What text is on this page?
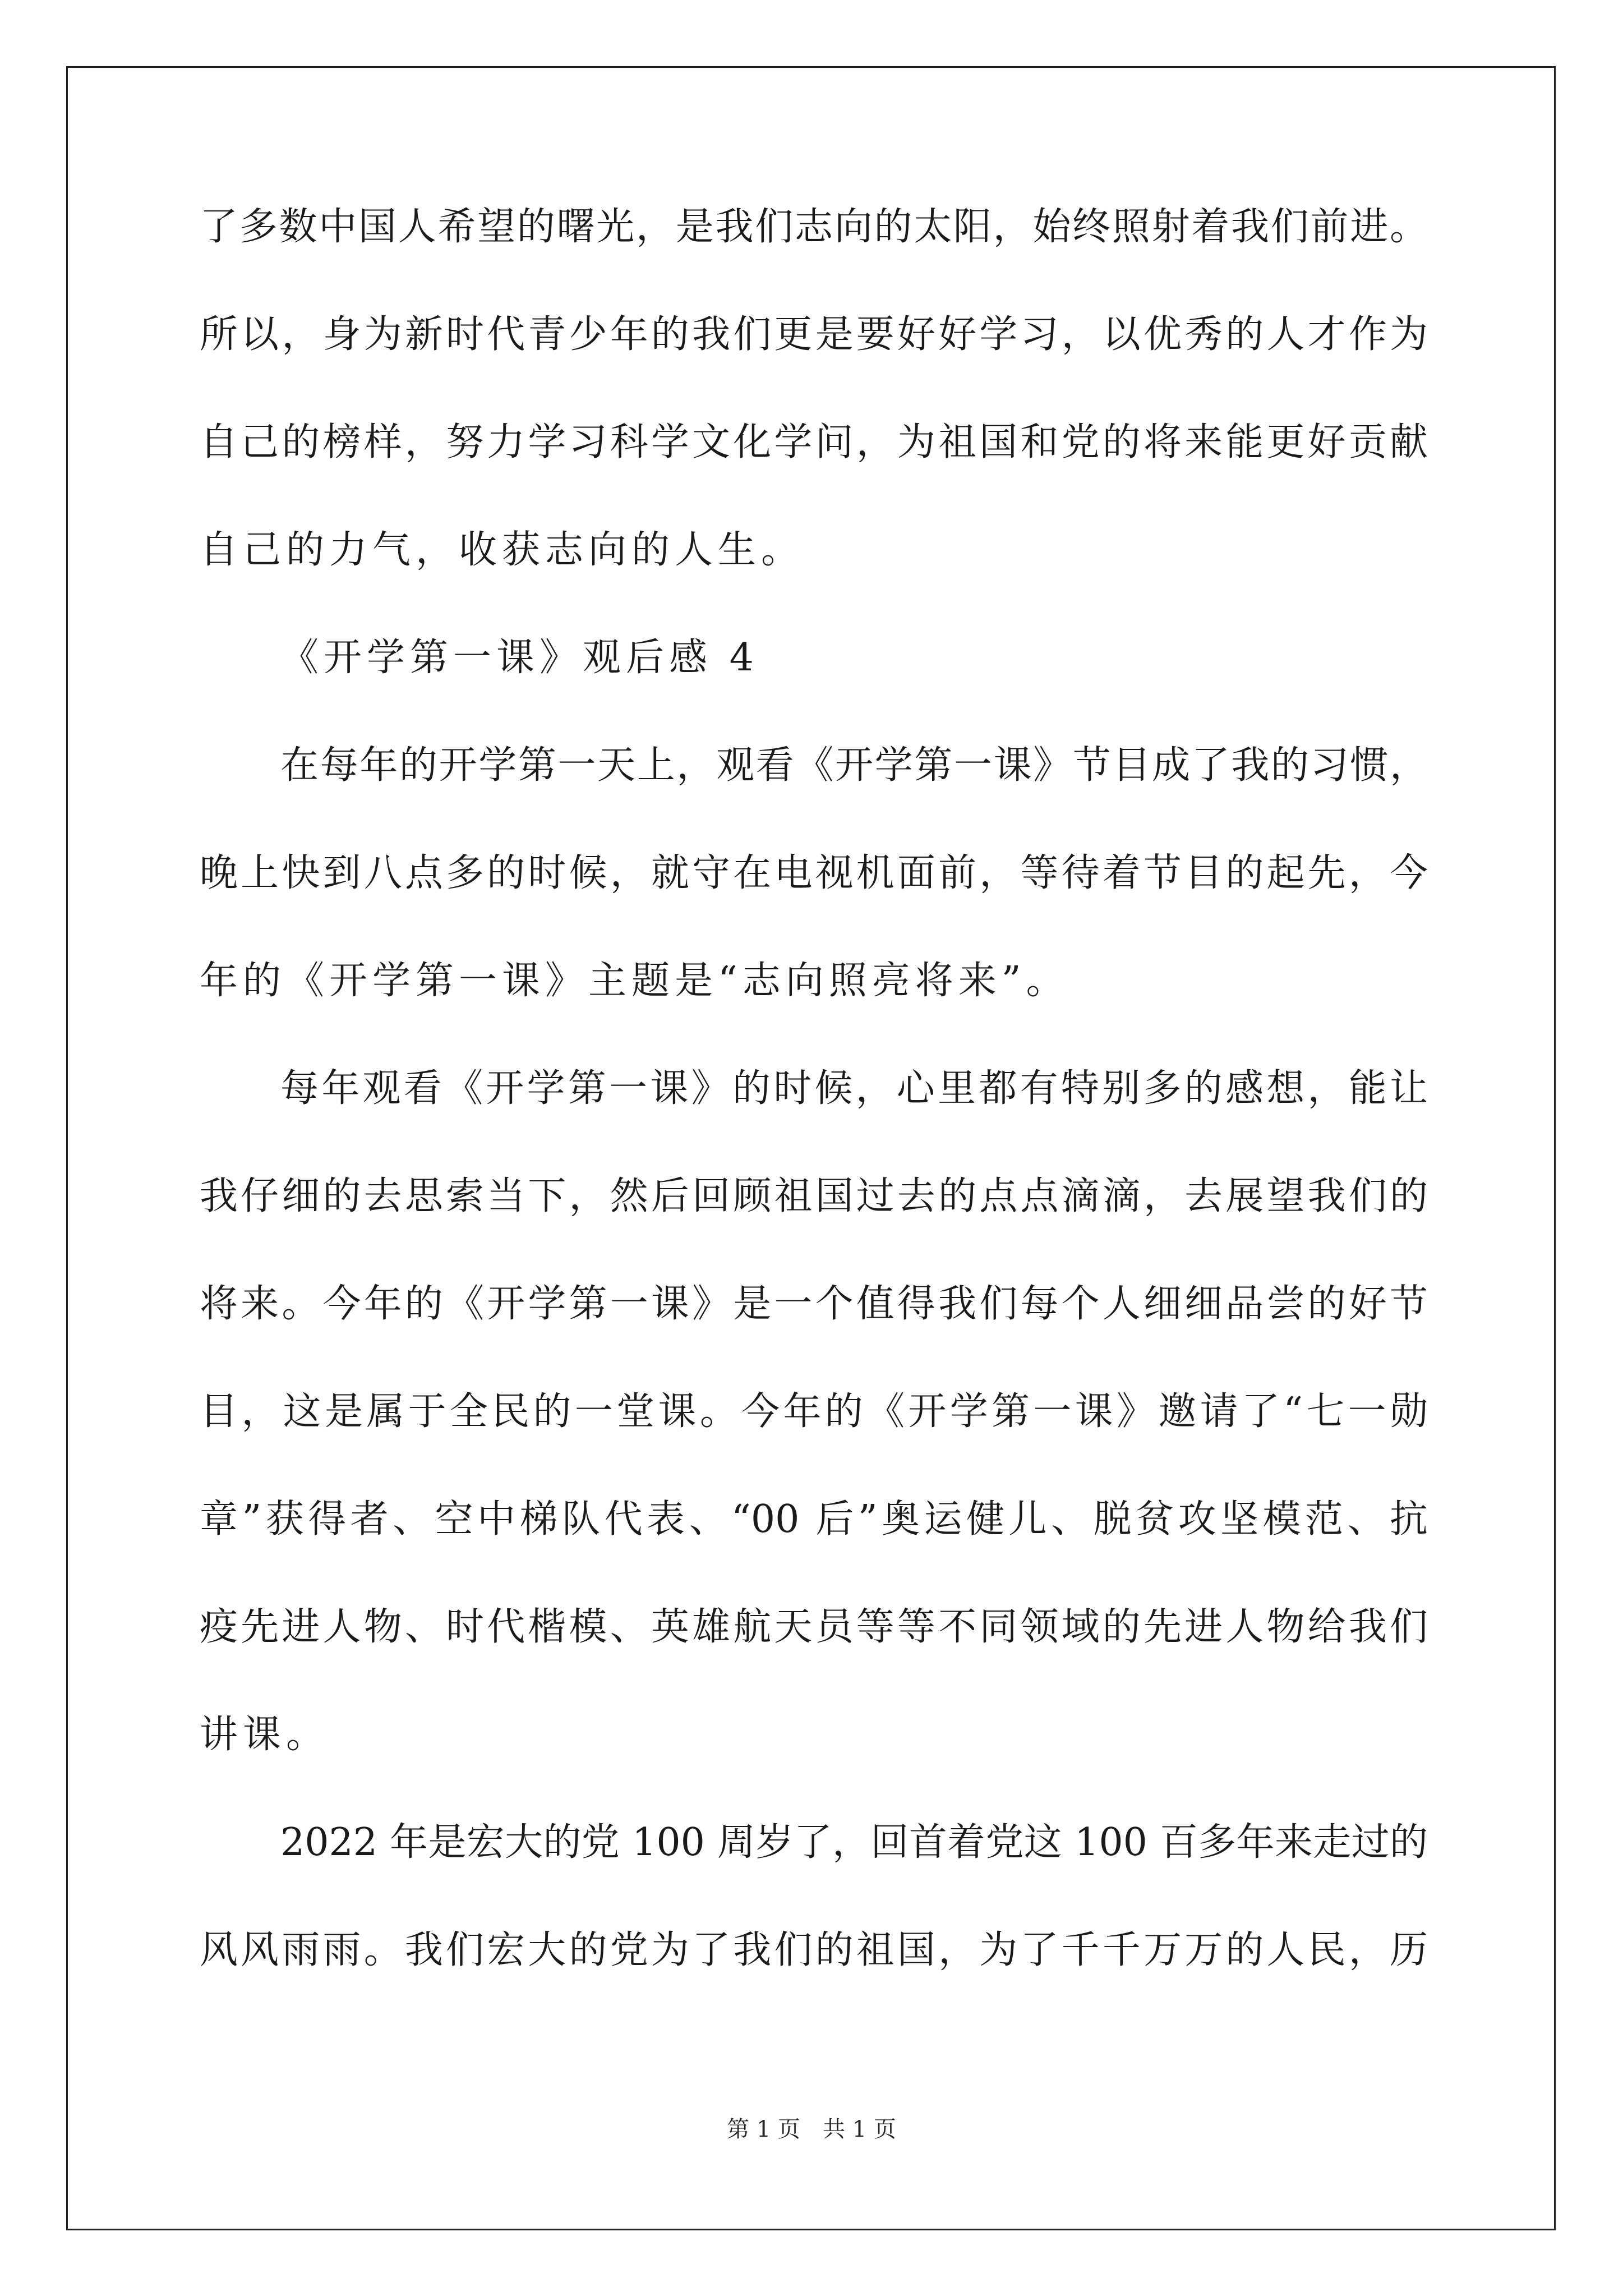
了多数中国人希望的曙光，是我们志向的太阳，始终照射着我们前进。
所以，身为新时代青少年的我们更是要好好学习，以优秀的人才作为
自己的榜样，努力学习科学文化学问，为祖国和党的将来能更好贡献
自己的力气，收获志向的人生。
《开学第一课》观后感 4
在每年的开学第一天上，观看《开学第一课》节目成了我的习惯，
晚上快到八点多的时候，就守在电视机面前，等待着节目的起先，今
年的《开学第一课》主题是“志向照亮将来”。
每年观看《开学第一课》的时候，心里都有特别多的感想，能让
我仔细的去思索当下，然后回顾祖国过去的点点滴滴，去展望我们的
将来。今年的《开学第一课》是一个值得我们每个人细细品尝的好节
目，这是属于全民的一堂课。今年的《开学第一课》邀请了“七一勋
章”获得者、空中梯队代表、“00 后”奥运健儿、脱贫攻坚模范、抗
疫先进人物、时代楷模、英雄航天员等等不同领域的先进人物给我们
讲课。
2022 年是宏大的党 100 周岁了，回首着党这 100 百多年来走过的
风风雨雨。我们宏大的党为了我们的祖国，为了千千万万的人民，历
第 1 页　共 1 页
